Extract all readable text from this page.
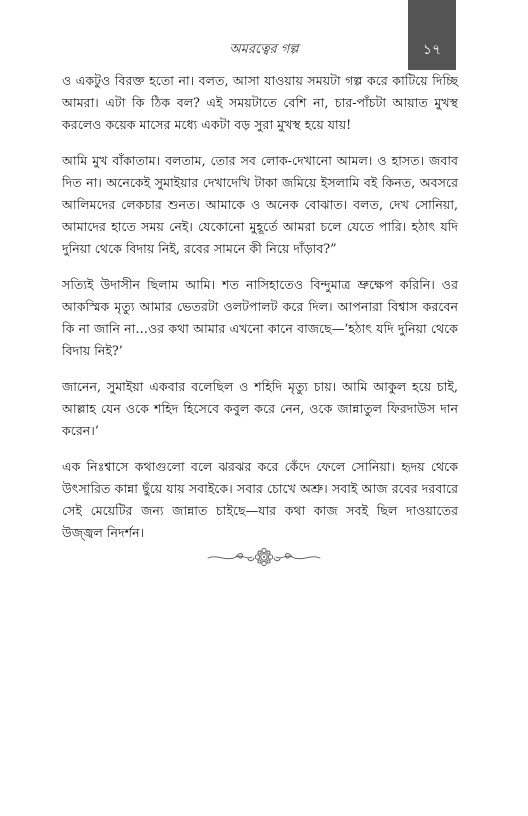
অমরত্বের গল্প	১৭

ও একটুও বিরক্ত হতো না। বলত, আসা যাওয়ায় সময়টা গল্প করে কাটিয়ে দিচ্ছি আমরা। এটা কি ঠিক বল? এই সময়টাতে বেশি না, চার-পাঁচটা আয়াত মুখস্থ করলেও কয়েক মাসের মধ্যে একটা বড় সুরা মুখস্থ হয়ে যায়!

আমি মুখ বাঁকাতাম। বলতাম, তোর সব লোক-দেখানো আমল। ও হাসত। জবাব দিত না। অনেকেই সুমাইয়ার দেখাদেখি টাকা জমিয়ে ইসলামি বই কিনত, অবসরে আলিমদের লেকচার শুনত। আমাকে ও অনেক বোঝাত। বলত, দেখ সোনিয়া, আমাদের হাতে সময় নেই। যেকোনো মুহূর্তে আমরা চলে যেতে পারি। হঠাৎ যদি দুনিয়া থেকে বিদায় নিই, রবের সামনে কী নিয়ে দাঁড়াব?”

সত্যিই উদাসীন ছিলাম আমি। শত নাসিহাতেও বিন্দুমাত্র ভ্রুক্ষেপ করিনি। ওর আকস্মিক মৃত্যু আমার ভেতরটা ওলটপালট করে দিল। আপনারা বিশ্বাস করবেন কি না জানি না…ওর কথা আমার এখনো কানে বাজছে—‘হঠাৎ যদি দুনিয়া থেকে বিদায় নিই?’

জানেন, সুমাইয়া একবার বলেছিল ও শহিদি মৃত্যু চায়। আমি আকুল হয়ে চাই, আল্লাহ যেন ওকে শহিদ হিসেবে কবুল করে নেন, ওকে জান্নাতুল ফিরদাউস দান করেন।’

এক নিঃশ্বাসে কথাগুলো বলে ঝরঝর করে কেঁদে ফেলে সোনিয়া। হৃদয় থেকে উৎসারিত কান্না ছুঁয়ে যায় সবাইকে। সবার চোখে অশ্রু। সবাই আজ রবের দরবারে সেই মেয়েটির জন্য জান্নাত চাইছে—যার কথা কাজ সবই ছিল দাওয়াতের উজ্জ্বল নিদর্শন।
